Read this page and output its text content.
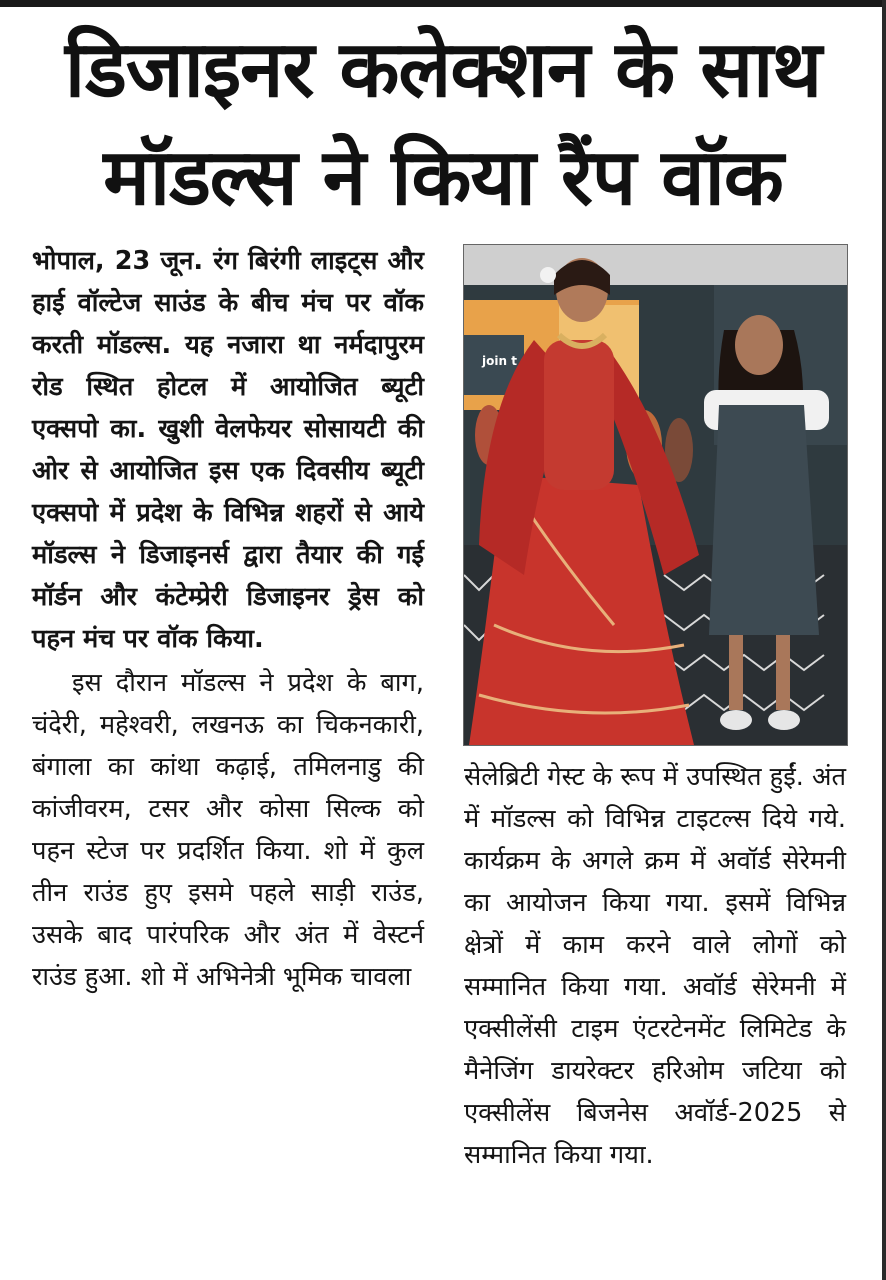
डिजाइनर कलेक्शन के साथ
मॉडल्स ने किया रैंप वॉक

भोपाल, 23 जून. रंग बिरंगी लाइट्स और हाई वॉल्टेज साउंड के बीच मंच पर वॉक करती मॉडल्स. यह नजारा था नर्मदापुरम रोड स्थित होटल में आयोजित ब्यूटी एक्सपो का. खुशी वेलफेयर सोसायटी की ओर से आयोजित इस एक दिवसीय ब्यूटी एक्सपो में प्रदेश के विभिन्न शहरों से आये मॉडल्स ने डिजाइनर्स द्वारा तैयार की गई मॉर्डन और कंटेम्प्रेरी डिजाइनर ड्रेस को पहन मंच पर वॉक किया.

इस दौरान मॉडल्स ने प्रदेश के बाग, चंदेरी, महेश्वरी, लखनऊ का चिकनकारी, बंगाला का कांथा कढ़ाई, तमिलनाडु की कांजीवरम, टसर और कोसा सिल्क को पहन स्टेज पर प्रदर्शित किया. शो में कुल तीन राउंड हुए इसमे पहले साड़ी राउंड, उसके बाद पारंपरिक और अंत में वेस्टर्न राउंड हुआ. शो में अभिनेत्री भूमिक चावला

join t

सेलेब्रिटी गेस्ट के रूप में उपस्थित हुईं. अंत में मॉडल्स को विभिन्न टाइटल्स दिये गये. कार्यक्रम के अगले क्रम में अवॉर्ड सेरेमनी का आयोजन किया गया. इसमें विभिन्न क्षेत्रों में काम करने वाले लोगों को सम्मानित किया गया. अवॉर्ड सेरेमनी में एक्सीलेंसी टाइम एंटरटेनमेंट लिमिटेड के मैनेजिंग डायरेक्टर हरिओम जटिया को एक्सीलेंस बिजनेस अवॉर्ड-2025 से सम्मानित किया गया.
